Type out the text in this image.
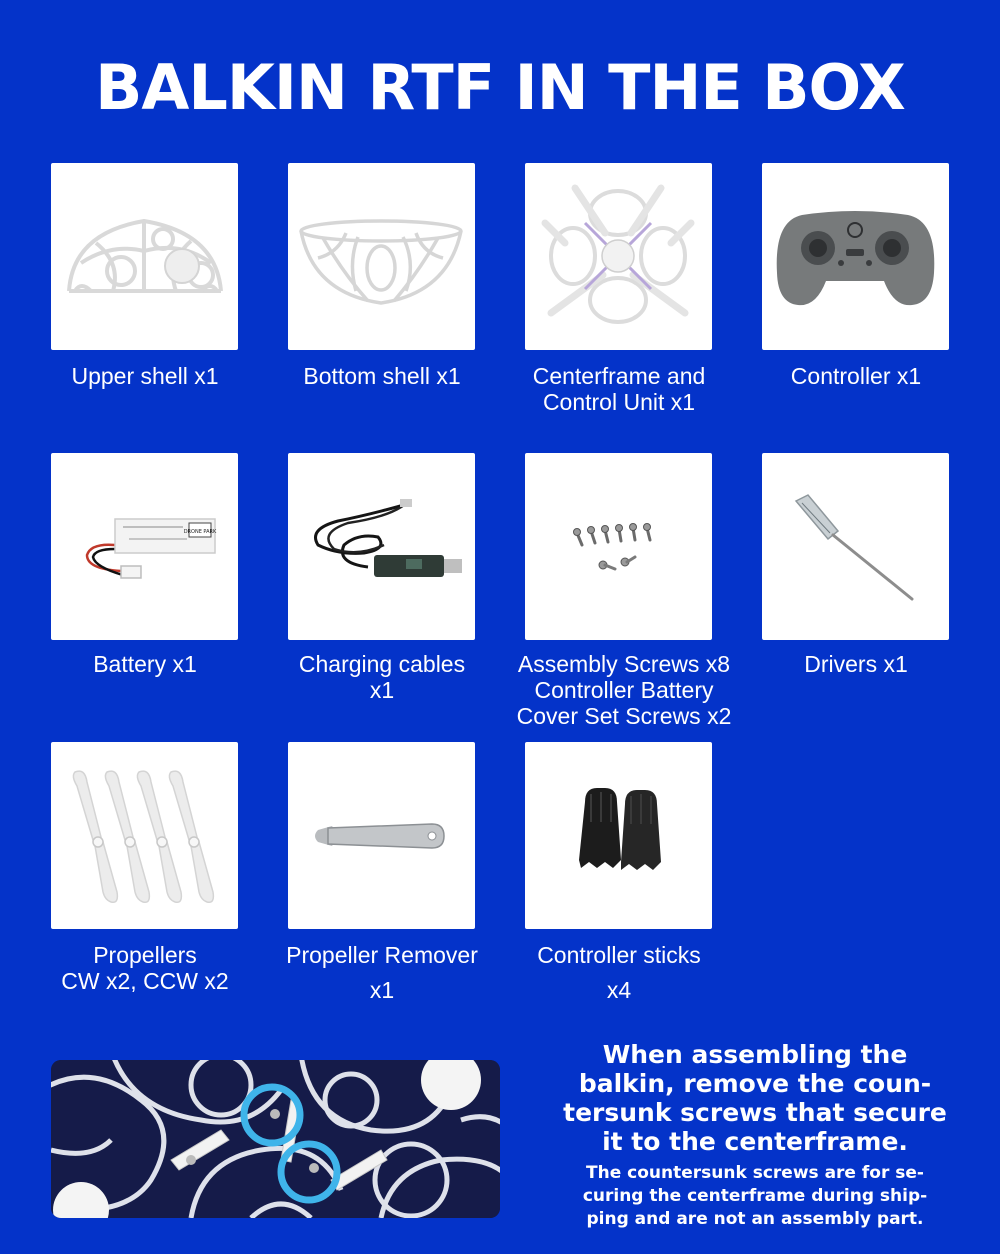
BALKIN RTF IN THE BOX
Upper shell x1	Bottom shell x1	Centerframe and
Control Unit x1
Controller x1
DRONE PARK
Battery x1	Charging cables
x1
Assembly Screws x8
Controller Battery
Cover Set Screws x2
Drivers x1
Propellers
CW x2, CCW x2
Propeller Remover
x1
Controller sticks
x4
When assembling the
balkin, remove the coun-
tersunk screws that secure
it to the centerframe.
The countersunk screws are for se-
curing the centerframe during ship-
ping and are not an assembly part.
